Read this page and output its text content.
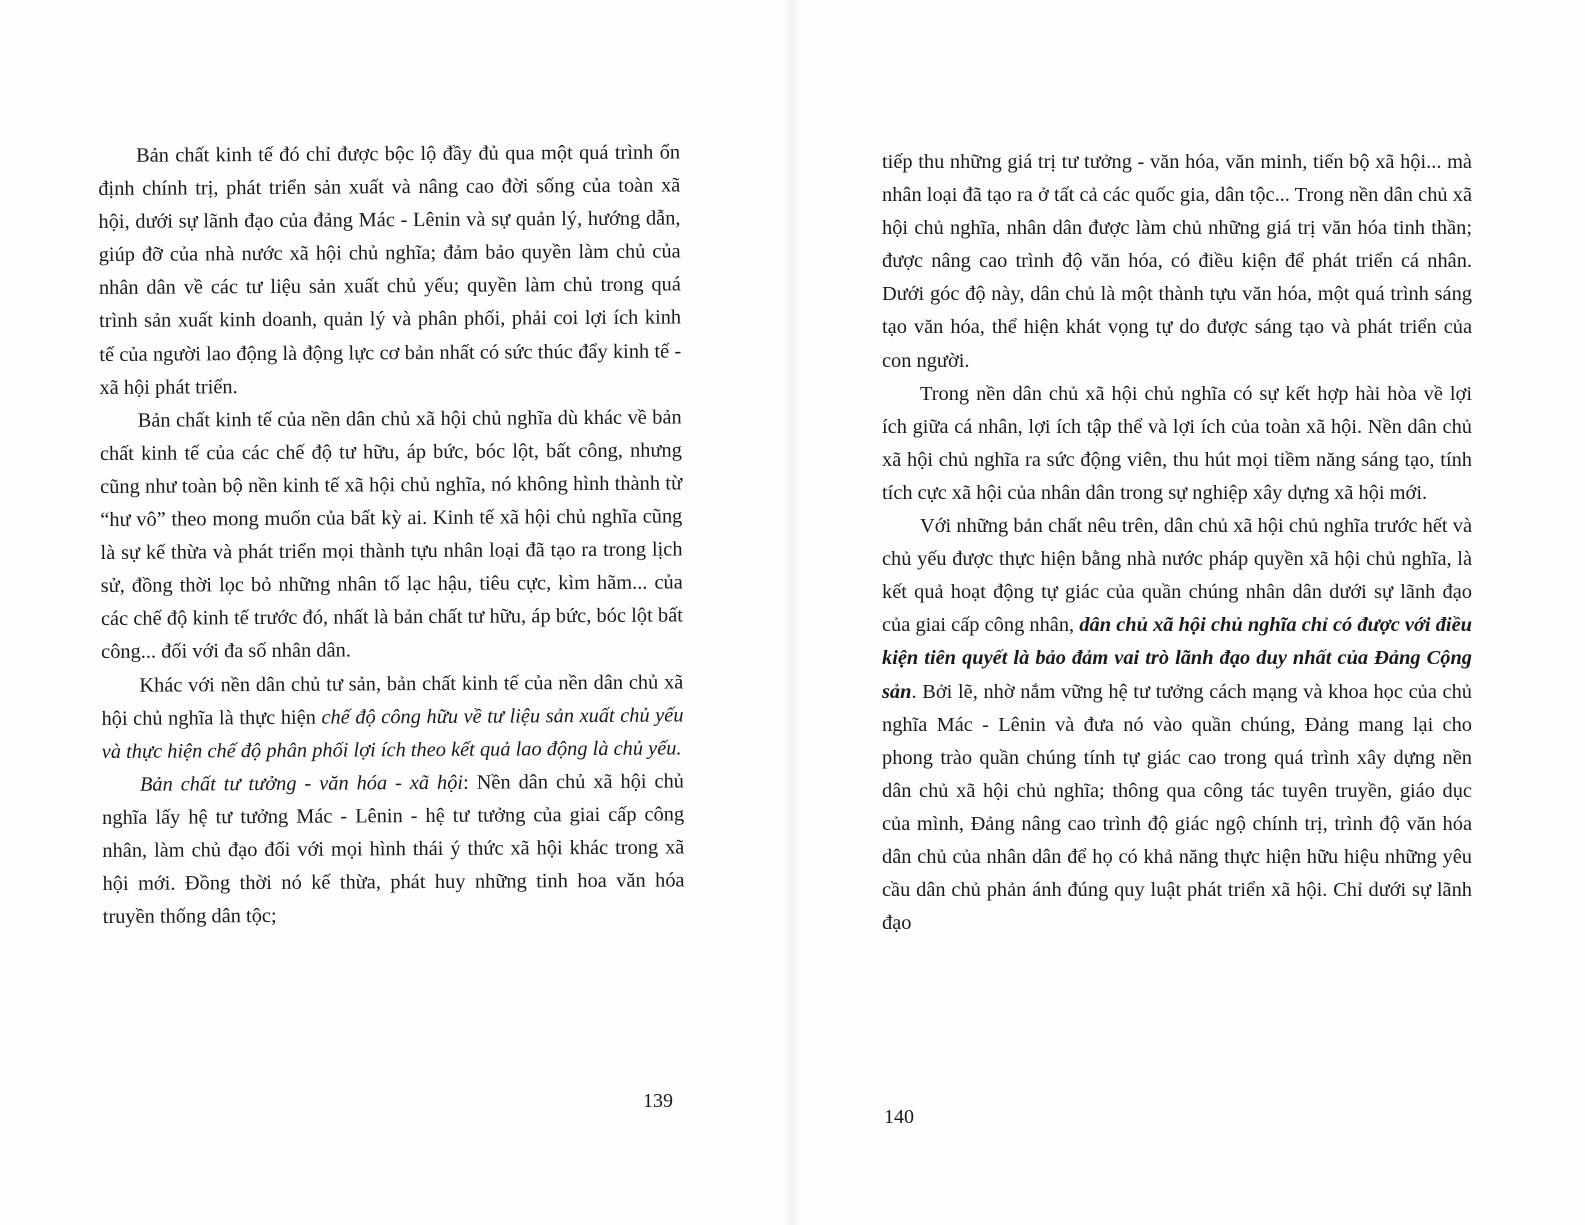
Bản chất kinh tế đó chỉ được bộc lộ đầy đủ qua một quá trình ổn định chính trị, phát triển sản xuất và nâng cao đời sống của toàn xã hội, dưới sự lãnh đạo của đảng Mác - Lênin và sự quản lý, hướng dẫn, giúp đỡ của nhà nước xã hội chủ nghĩa; đảm bảo quyền làm chủ của nhân dân về các tư liệu sản xuất chủ yếu; quyền làm chủ trong quá trình sản xuất kinh doanh, quản lý và phân phối, phải coi lợi ích kinh tế của người lao động là động lực cơ bản nhất có sức thúc đẩy kinh tế - xã hội phát triển.

Bản chất kinh tế của nền dân chủ xã hội chủ nghĩa dù khác về bản chất kinh tế của các chế độ tư hữu, áp bức, bóc lột, bất công, nhưng cũng như toàn bộ nền kinh tế xã hội chủ nghĩa, nó không hình thành từ “hư vô” theo mong muốn của bất kỳ ai. Kinh tế xã hội chủ nghĩa cũng là sự kế thừa và phát triển mọi thành tựu nhân loại đã tạo ra trong lịch sử, đồng thời lọc bỏ những nhân tố lạc hậu, tiêu cực, kìm hãm... của các chế độ kinh tế trước đó, nhất là bản chất tư hữu, áp bức, bóc lột bất công... đối với đa số nhân dân.

Khác với nền dân chủ tư sản, bản chất kinh tế của nền dân chủ xã hội chủ nghĩa là thực hiện chế độ công hữu về tư liệu sản xuất chủ yếu và thực hiện chế độ phân phối lợi ích theo kết quả lao động là chủ yếu.

Bản chất tư tưởng - văn hóa - xã hội: Nền dân chủ xã hội chủ nghĩa lấy hệ tư tưởng Mác - Lênin - hệ tư tưởng của giai cấp công nhân, làm chủ đạo đối với mọi hình thái ý thức xã hội khác trong xã hội mới. Đồng thời nó kế thừa, phát huy những tinh hoa văn hóa truyền thống dân tộc;

139

tiếp thu những giá trị tư tưởng - văn hóa, văn minh, tiến bộ xã hội... mà nhân loại đã tạo ra ở tất cả các quốc gia, dân tộc... Trong nền dân chủ xã hội chủ nghĩa, nhân dân được làm chủ những giá trị văn hóa tinh thần; được nâng cao trình độ văn hóa, có điều kiện để phát triển cá nhân. Dưới góc độ này, dân chủ là một thành tựu văn hóa, một quá trình sáng tạo văn hóa, thể hiện khát vọng tự do được sáng tạo và phát triển của con người.

Trong nền dân chủ xã hội chủ nghĩa có sự kết hợp hài hòa về lợi ích giữa cá nhân, lợi ích tập thể và lợi ích của toàn xã hội. Nền dân chủ xã hội chủ nghĩa ra sức động viên, thu hút mọi tiềm năng sáng tạo, tính tích cực xã hội của nhân dân trong sự nghiệp xây dựng xã hội mới.

Với những bản chất nêu trên, dân chủ xã hội chủ nghĩa trước hết và chủ yếu được thực hiện bằng nhà nước pháp quyền xã hội chủ nghĩa, là kết quả hoạt động tự giác của quần chúng nhân dân dưới sự lãnh đạo của giai cấp công nhân, dân chủ xã hội chủ nghĩa chỉ có được với điều kiện tiên quyết là bảo đảm vai trò lãnh đạo duy nhất của Đảng Cộng sản. Bởi lẽ, nhờ nắm vững hệ tư tưởng cách mạng và khoa học của chủ nghĩa Mác - Lênin và đưa nó vào quần chúng, Đảng mang lại cho phong trào quần chúng tính tự giác cao trong quá trình xây dựng nền dân chủ xã hội chủ nghĩa; thông qua công tác tuyên truyền, giáo dục của mình, Đảng nâng cao trình độ giác ngộ chính trị, trình độ văn hóa dân chủ của nhân dân để họ có khả năng thực hiện hữu hiệu những yêu cầu dân chủ phản ánh đúng quy luật phát triển xã hội. Chỉ dưới sự lãnh đạo

140
